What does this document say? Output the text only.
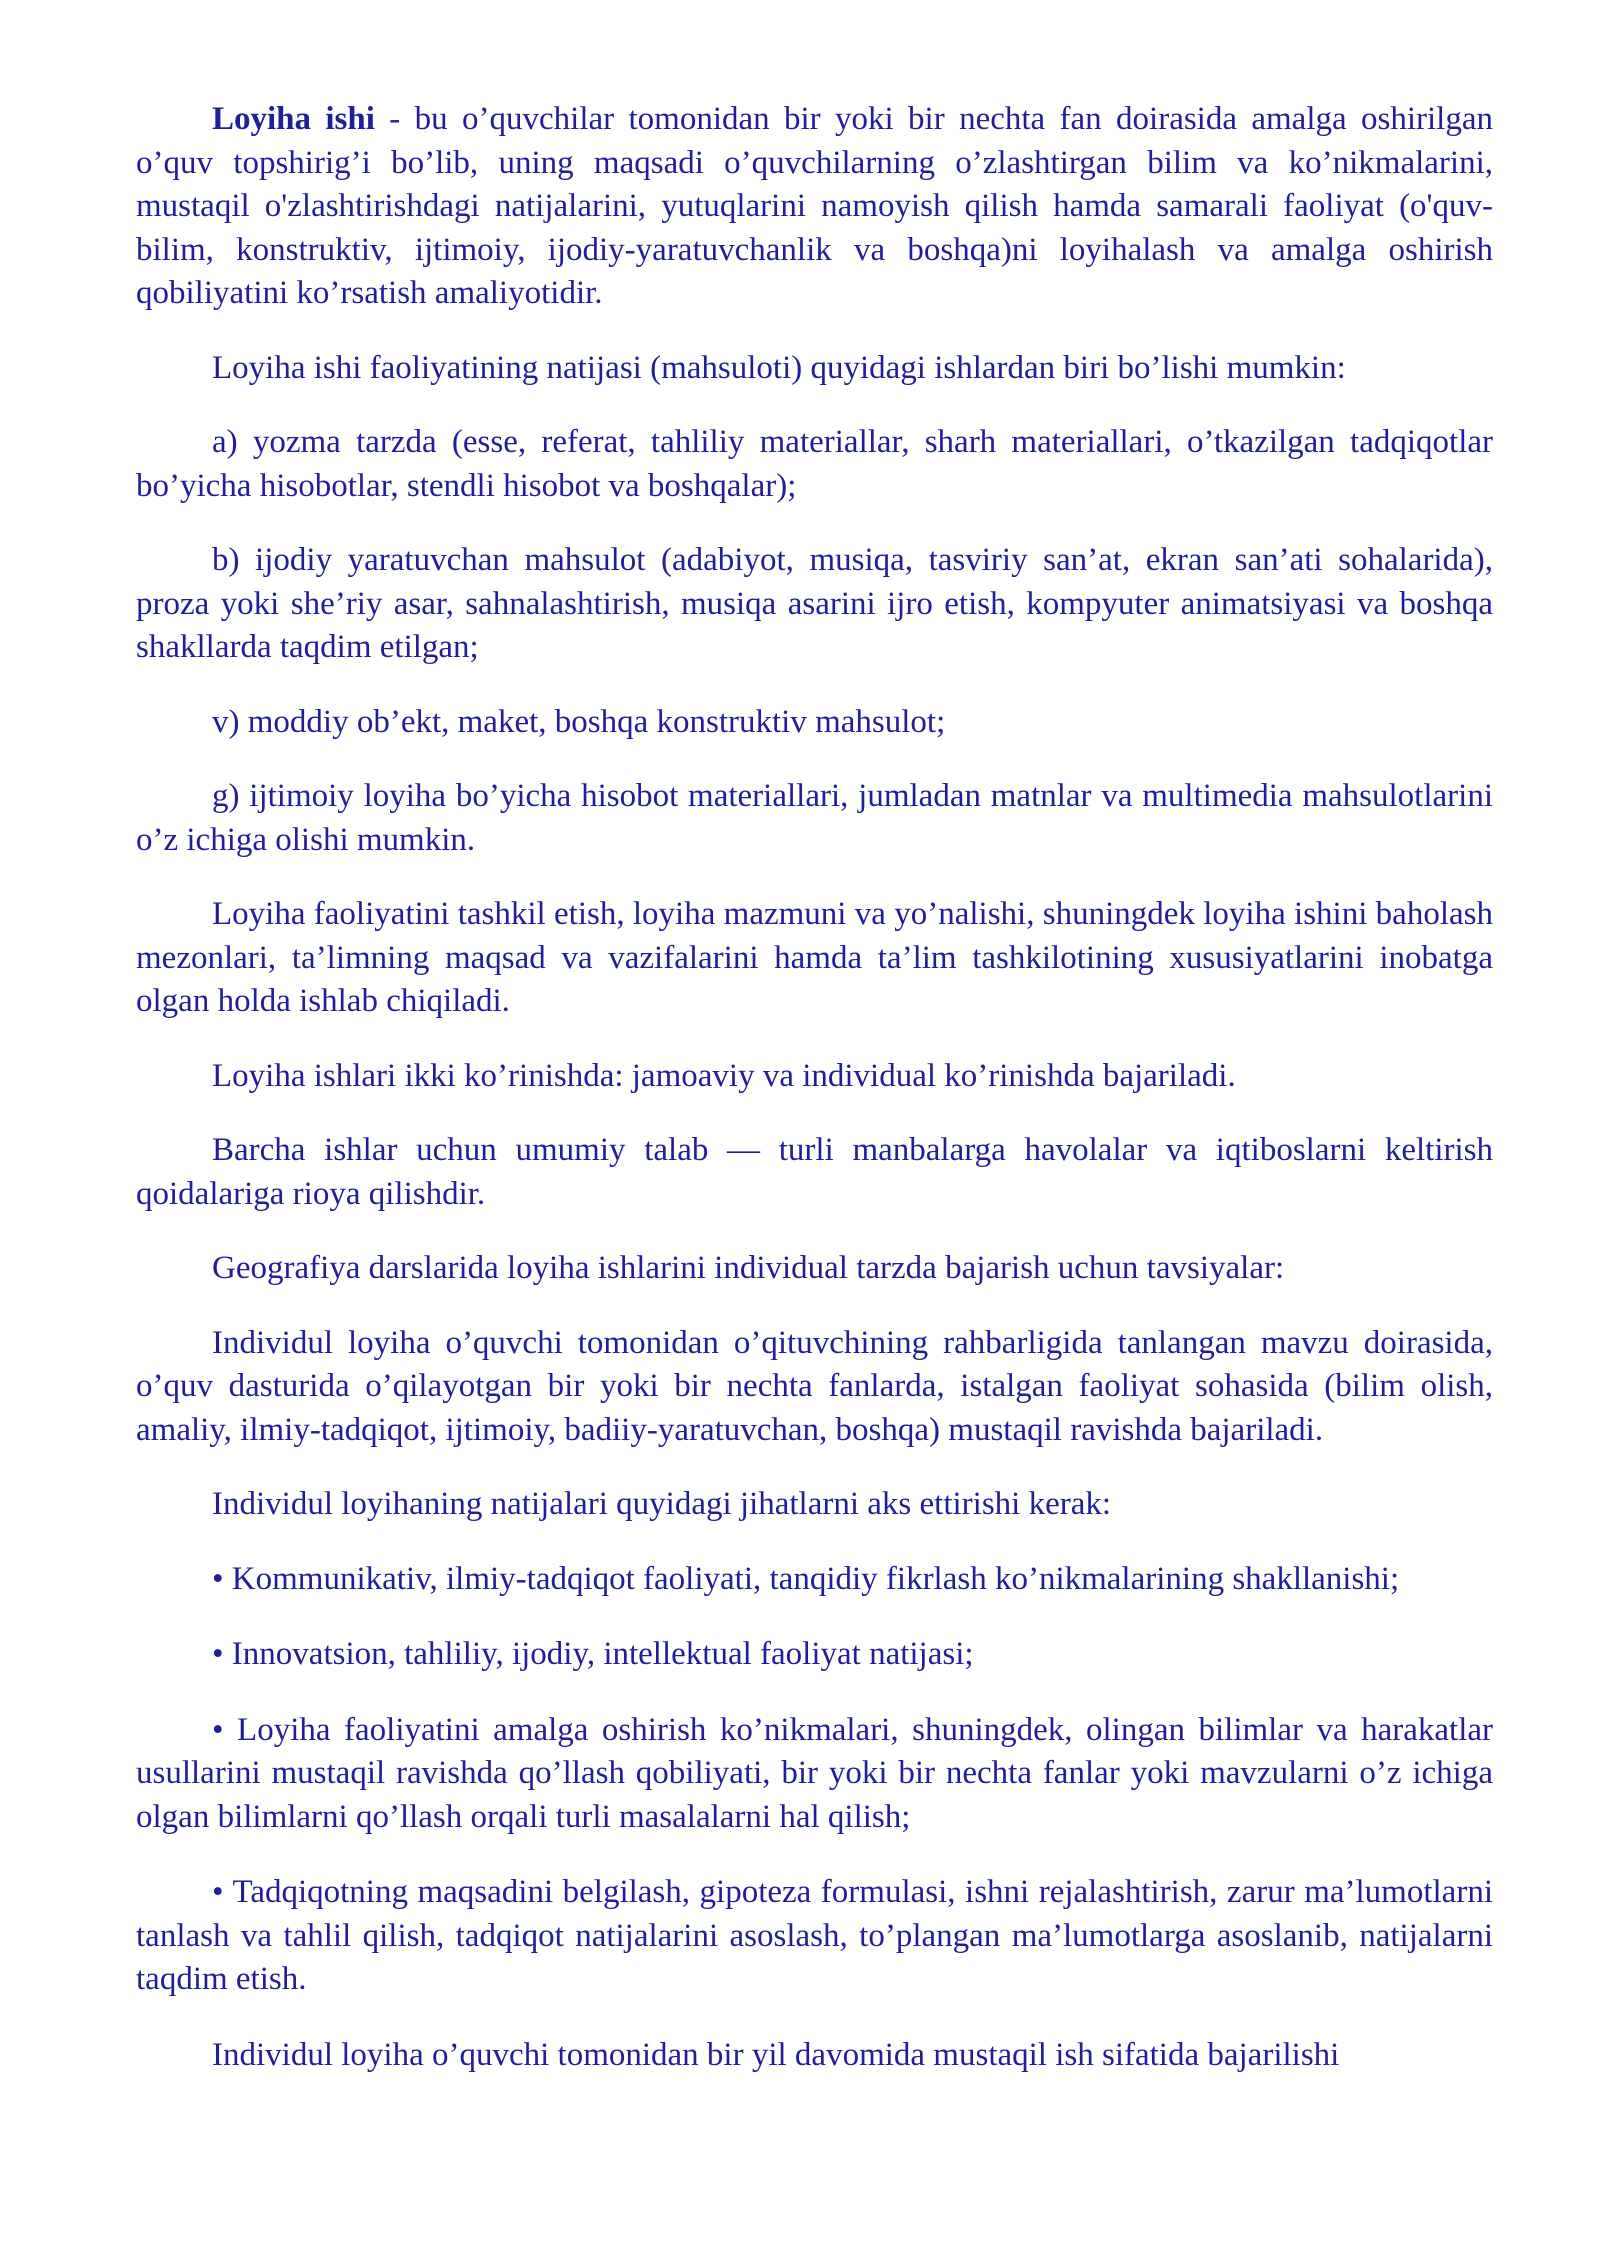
Loyiha ishi - bu o’quvchilar tomonidan bir yoki bir nechta fan doirasida amalga oshirilgan o’quv topshirig’i bo’lib, uning maqsadi o’quvchilarning o’zlashtirgan bilim va ko’nikmalarini, mustaqil o'zlashtirishdagi natijalarini, yutuqlarini namoyish qilish hamda samarali faoliyat (o'quv-bilim, konstruktiv, ijtimoiy, ijodiy-yaratuvchanlik va boshqa)ni loyihalash va amalga oshirish qobiliyatini ko’rsatish amaliyotidir.

Loyiha ishi faoliyatining natijasi (mahsuloti) quyidagi ishlardan biri bo’lishi mumkin:

a) yozma tarzda (esse, referat, tahliliy materiallar, sharh materiallari, o’tkazilgan tadqiqotlar bo’yicha hisobotlar, stendli hisobot va boshqalar);

b) ijodiy yaratuvchan mahsulot (adabiyot, musiqa, tasviriy san’at, ekran san’ati sohalarida), proza yoki she’riy asar, sahnalashtirish, musiqa asarini ijro etish, kompyuter animatsiyasi va boshqa shakllarda taqdim etilgan;

v) moddiy ob’ekt, maket, boshqa konstruktiv mahsulot;

g) ijtimoiy loyiha bo’yicha hisobot materiallari, jumladan matnlar va multimedia mahsulotlarini o’z ichiga olishi mumkin.

Loyiha faoliyatini tashkil etish, loyiha mazmuni va yo’nalishi, shuningdek loyiha ishini baholash mezonlari, ta’limning maqsad va vazifalarini hamda ta’lim tashkilotining xususiyatlarini inobatga olgan holda ishlab chiqiladi.

Loyiha ishlari ikki ko’rinishda: jamoaviy va individual ko’rinishda bajariladi.

Barcha ishlar uchun umumiy talab — turli manbalarga havolalar va iqtiboslarni keltirish qoidalariga rioya qilishdir.

Geografiya darslarida loyiha ishlarini individual tarzda bajarish uchun tavsiyalar:

Individul loyiha o’quvchi tomonidan o’qituvchining rahbarligida tanlangan mavzu doirasida, o’quv dasturida o’qilayotgan bir yoki bir nechta fanlarda, istalgan faoliyat sohasida (bilim olish, amaliy, ilmiy-tadqiqot, ijtimoiy, badiiy-yaratuvchan, boshqa) mustaqil ravishda bajariladi.

Individul loyihaning natijalari quyidagi jihatlarni aks ettirishi kerak:

• Kommunikativ, ilmiy-tadqiqot faoliyati, tanqidiy fikrlash ko’nikmalarining shakllanishi;

• Innovatsion, tahliliy, ijodiy, intellektual faoliyat natijasi;

• Loyiha faoliyatini amalga oshirish ko’nikmalari, shuningdek, olingan bilimlar va harakatlar usullarini mustaqil ravishda qo’llash qobiliyati, bir yoki bir nechta fanlar yoki mavzularni o’z ichiga olgan bilimlarni qo’llash orqali turli masalalarni hal qilish;

• Tadqiqotning maqsadini belgilash, gipoteza formulasi, ishni rejalashtirish, zarur ma’lumotlarni tanlash va tahlil qilish, tadqiqot natijalarini asoslash, to’plangan ma’lumotlarga asoslanib, natijalarni taqdim etish.

Individul loyiha o’quvchi tomonidan bir yil davomida mustaqil ish sifatida bajarilishi
